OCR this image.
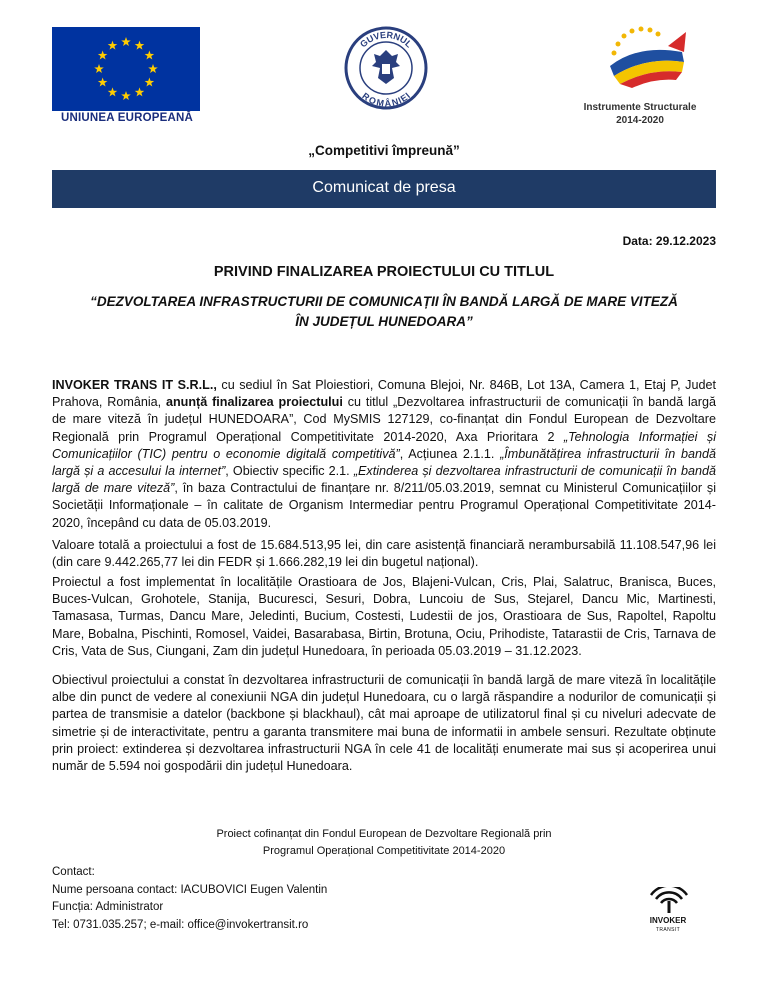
UNIUNEA EUROPEANĂ
GUVERNUL
ROMÂNIEI
Instrumente Structurale
2014-2020
„Competitivi împreună”
Comunicat de presa
Data: 29.12.2023
PRIVIND FINALIZAREA PROIECTULUI CU TITLUL
“DEZVOLTAREA INFRASTRUCTURII DE COMUNICAȚII ÎN BANDĂ LARGĂ DE MARE VITEZĂ
ÎN JUDEȚUL HUNEDOARA”
INVOKER TRANS IT S.R.L., cu sediul în Sat Ploiestiori, Comuna Blejoi, Nr. 846B, Lot 13A, Camera 1, Etaj P, Judet Prahova, România, anunță finalizarea proiectului cu titlul „Dezvoltarea infrastructurii de comunicații în bandă largă de mare viteză în județul HUNEDOARA”, Cod MySMIS 127129, co-finanțat din Fondul European de Dezvoltare Regională prin Programul Operațional Competitivitate 2014-2020, Axa Prioritara 2 „Tehnologia Informației și Comunicațiilor (TIC) pentru o economie digitală competitivă”, Acțiunea 2.1.1. „Îmbunătățirea infrastructurii în bandă largă și a accesului la internet”, Obiectiv specific 2.1. „Extinderea și dezvoltarea infrastructurii de comunicații în bandă largă de mare viteză”, în baza Contractului de finanțare nr. 8/211/05.03.2019, semnat cu Ministerul Comunicațiilor și Societății Informaționale – în calitate de Organism Intermediar pentru Programul Operațional Competitivitate 2014-2020, începând cu data de 05.03.2019.
Valoare totală a proiectului a fost de 15.684.513,95 lei, din care asistență financiară nerambursabilă 11.108.547,96 lei (din care 9.442.265,77 lei din FEDR și 1.666.282,19 lei din bugetul național).
Proiectul a fost implementat în localitățile Orastioara de Jos, Blajeni-Vulcan, Cris, Plai, Salatruc, Branisca, Buces, Buces-Vulcan, Grohotele, Stanija, Bucuresci, Sesuri, Dobra, Luncoiu de Sus, Stejarel, Dancu Mic, Martinesti, Tamasasa, Turmas, Dancu Mare, Jeledinti, Bucium, Costesti, Ludestii de jos, Orastioara de Sus, Rapoltel, Rapoltu Mare, Bobalna, Pischinti, Romosel, Vaidei, Basarabasa, Birtin, Brotuna, Ociu, Prihodiste, Tatarastii de Cris, Tarnava de Cris, Vata de Sus, Ciungani, Zam din județul Hunedoara, în perioada 05.03.2019 – 31.12.2023.
Obiectivul proiectului a constat în dezvoltarea infrastructurii de comunicații în bandă largă de mare viteză în localitățile albe din punct de vedere al conexiunii NGA din județul Hunedoara, cu o largă răspandire a nodurilor de comunicații și partea de transmisie a datelor (backbone și blackhaul), cât mai aproape de utilizatorul final și cu niveluri adecvate de simetrie și de interactivitate, pentru a garanta transmitere mai buna de informatii in ambele sensuri. Rezultate obținute prin proiect: extinderea și dezvoltarea infrastructurii NGA în cele 41 de localități enumerate mai sus și acoperirea unui număr de 5.594 noi gospodării din județul Hunedoara.
Proiect cofinanțat din Fondul European de Dezvoltare Regională prin
Programul Operațional Competitivitate 2014-2020
Contact:
Nume persoana contact: IACUBOVICI Eugen Valentin
Funcția: Administrator
Tel: 0731.035.257; e-mail: office@invokertransit.ro	INVOKER
TRANSIT
